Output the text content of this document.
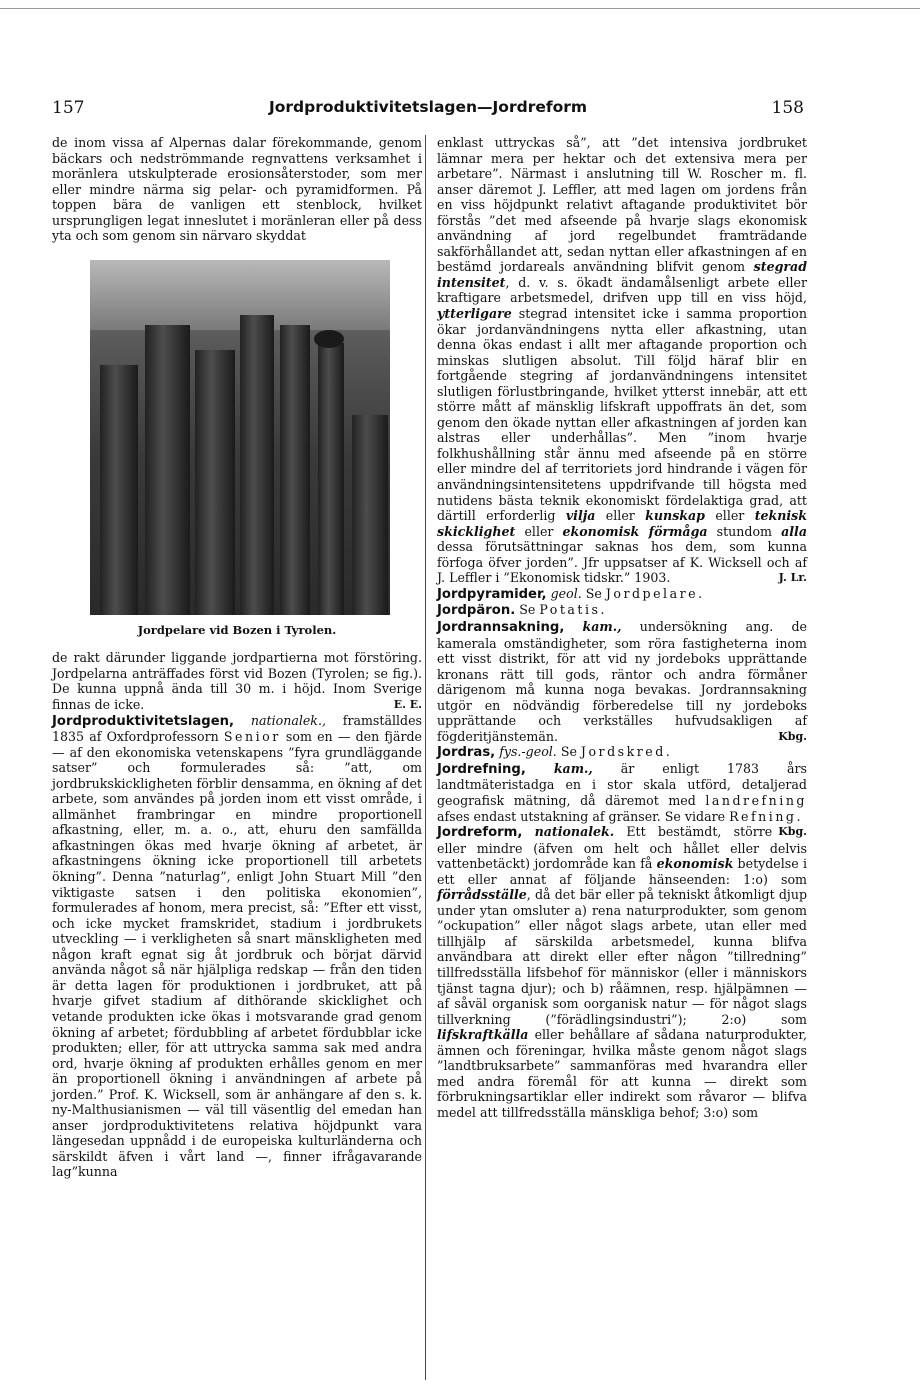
157	Jordproduktivitetslagen—Jordreform	158

de inom vissa af Alpernas dalar förekommande, genom bäckars och nedströmmande regnvattens verksamhet i moränlera utskulpterade erosionsåterstoder, som mer eller mindre närma sig pelar- och pyramidformen. På toppen bära de vanligen ett stenblock, hvilket ursprungligen legat inneslutet i moränleran eller på dess yta och som genom sin närvaro skyddat

Jordpelare vid Bozen i Tyrolen.

de rakt därunder liggande jordpartierna mot förstöring. Jordpelarna anträffades först vid Bozen (Tyrolen; se fig.). De kunna uppnå ända till 30 m. i höjd. Inom Sverige finnas de icke.	E. E.

Jordproduktivitetslagen, nationalek., framställdes 1835 af Oxfordprofessorn Senior som en — den fjärde — af den ekonomiska vetenskapens ”fyra grundläggande satser” och formulerades så: ”att, om jordbrukskickligheten förblir densamma, en ökning af det arbete, som användes på jorden inom ett visst område, i allmänhet frambringar en mindre proportionell afkastning, eller, m. a. o., att, ehuru den samfällda afkastningen ökas med hvarje ökning af arbetet, är afkastningens ökning icke proportionell till arbetets ökning”. Denna ”naturlag”, enligt John Stuart Mill ”den viktigaste satsen i den politiska ekonomien”, formulerades af honom, mera precist, så: ”Efter ett visst, och icke mycket framskridet, stadium i jordbrukets utveckling — i verkligheten så snart mänskligheten med någon kraft egnat sig åt jordbruk och börjat därvid använda något så när hjälpliga redskap — från den tiden är detta lagen för produktionen i jordbruket, att på hvarje gifvet stadium af dithörande skicklighet och vetande produkten icke ökas i motsvarande grad genom ökning af arbetet; fördubbling af arbetet fördubblar icke produkten; eller, för att uttrycka samma sak med andra ord, hvarje ökning af produkten erhålles genom en mer än proportionell ökning i användningen af arbete på jorden.” Prof. K. Wicksell, som är anhängare af den s. k. ny-Malthusianismen — väl till väsentlig del emedan han anser jordproduktivitetens relativa höjdpunkt vara längesedan uppnådd i de europeiska kulturländerna och särskildt äfven i vårt land —, finner ifrågavarande lag”kunna

enklast uttryckas så”, att ”det intensiva jordbruket lämnar mera per hektar och det extensiva mera per arbetare”. Närmast i anslutning till W. Roscher m. fl. anser däremot J. Leffler, att med lagen om jordens från en viss höjdpunkt relativt aftagande produktivitet bör förstås ”det med afseende på hvarje slags ekonomisk användning af jord regelbundet framträdande sakförhållandet att, sedan nyttan eller afkastningen af en bestämd jordareals användning blifvit genom stegrad intensitet, d. v. s. ökadt ändamålsenligt arbete eller kraftigare arbetsmedel, drifven upp till en viss höjd, ytterligare stegrad intensitet icke i samma proportion ökar jordanvändningens nytta eller afkastning, utan denna ökas endast i allt mer aftagande proportion och minskas slutligen absolut. Till följd häraf blir en fortgående stegring af jordanvändningens intensitet slutligen förlustbringande, hvilket ytterst innebär, att ett större mått af mänsklig lifskraft uppoffrats än det, som genom den ökade nyttan eller afkastningen af jorden kan alstras eller underhållas”. Men ”inom hvarje folkhushållning står ännu med afseende på en större eller mindre del af territoriets jord hindrande i vägen för användningsintensitetens uppdrifvande till högsta med nutidens bästa teknik ekonomiskt fördelaktiga grad, att därtill erforderlig vilja eller kunskap eller teknisk skicklighet eller ekonomisk förmåga stundom alla dessa förutsättningar saknas hos dem, som kunna förfoga öfver jorden”. Jfr uppsatser af K. Wicksell och af J. Leffler i ”Ekonomisk tidskr.” 1903.	J. Lr.

Jordpyramider, geol. Se Jordpelare.

Jordpäron. Se Potatis.

Jordrannsakning, kam., undersökning ang. de kamerala omständigheter, som röra fastigheterna inom ett visst distrikt, för att vid ny jordeboks upprättande kronans rätt till gods, räntor och andra förmåner därigenom må kunna noga bevakas. Jordrannsakning utgör en nödvändig förberedelse till ny jordeboks upprättande och verkställes hufvudsakligen af fögderitjänstemän.	Kbg.

Jordras, fys.-geol. Se Jordskred.

Jordrefning, kam., är enligt 1783 års landtmäteristadga en i stor skala utförd, detaljerad geografisk mätning, då däremot med landrefning afses endast utstakning af gränser. Se vidare Refning.
Kbg.

Jordreform, nationalek. Ett bestämdt, större eller mindre (äfven om helt och hållet eller delvis vattenbetäckt) jordområde kan få ekonomisk betydelse i ett eller annat af följande hänseenden: 1:o) som förrådsställe, då det bär eller på tekniskt åtkomligt djup under ytan omsluter a) rena naturprodukter, som genom ”ockupation” eller något slags arbete, utan eller med tillhjälp af särskilda arbetsmedel, kunna blifva användbara att direkt eller efter någon ”tillredning” tillfredsställa lifsbehof för människor (eller i människors tjänst tagna djur); och b) råämnen, resp. hjälpämnen — af såväl organisk som oorganisk natur — för något slags tillverkning (”förädlingsindustri”); 2:o) som lifskraftkälla eller behållare af sådana naturprodukter, ämnen och föreningar, hvilka måste genom något slags ”landtbruksarbete” sammanföras med hvarandra eller med andra föremål för att kunna — direkt som förbrukningsartiklar eller indirekt som råvaror — blifva medel att tillfredsställa mänskliga behof; 3:o) som
